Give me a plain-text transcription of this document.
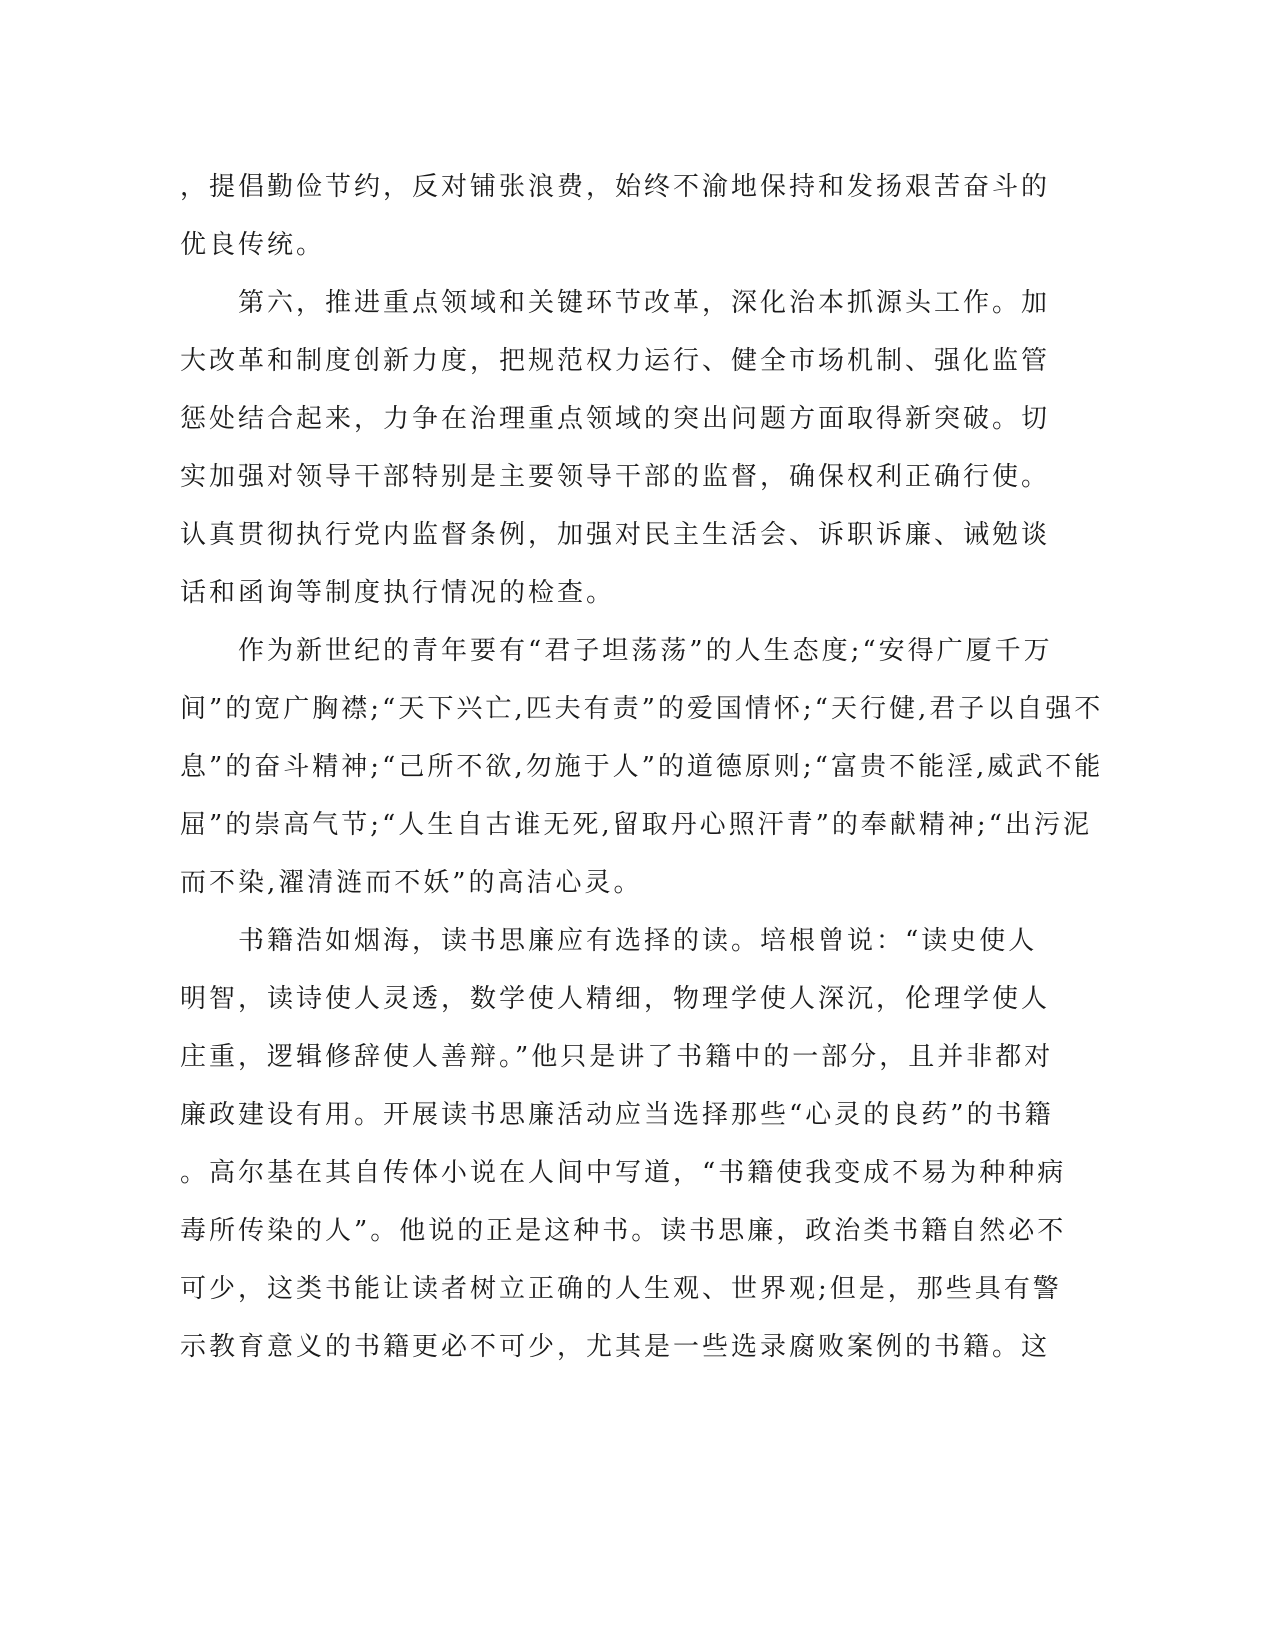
，提倡勤俭节约，反对铺张浪费，始终不渝地保持和发扬艰苦奋斗的
优良传统。

　　第六，推进重点领域和关键环节改革，深化治本抓源头工作。加
大改革和制度创新力度，把规范权力运行、健全市场机制、强化监管
惩处结合起来，力争在治理重点领域的突出问题方面取得新突破。切
实加强对领导干部特别是主要领导干部的监督，确保权利正确行使。
认真贯彻执行党内监督条例，加强对民主生活会、诉职诉廉、诫勉谈
话和函询等制度执行情况的检查。

　　作为新世纪的青年要有“君子坦荡荡”的人生态度;“安得广厦千万
间”的宽广胸襟;“天下兴亡,匹夫有责”的爱国情怀;“天行健,君子以自强不
息”的奋斗精神;“己所不欲,勿施于人”的道德原则;“富贵不能淫,威武不能
屈”的崇高气节;“人生自古谁无死,留取丹心照汗青”的奉献精神;“出污泥
而不染,濯清涟而不妖”的高洁心灵。

　　书籍浩如烟海，读书思廉应有选择的读。培根曾说：“读史使人
明智，读诗使人灵透，数学使人精细，物理学使人深沉，伦理学使人
庄重，逻辑修辞使人善辩。”他只是讲了书籍中的一部分，且并非都对
廉政建设有用。开展读书思廉活动应当选择那些“心灵的良药”的书籍
。高尔基在其自传体小说在人间中写道，“书籍使我变成不易为种种病
毒所传染的人”。他说的正是这种书。读书思廉，政治类书籍自然必不
可少，这类书能让读者树立正确的人生观、世界观;但是，那些具有警
示教育意义的书籍更必不可少，尤其是一些选录腐败案例的书籍。这
